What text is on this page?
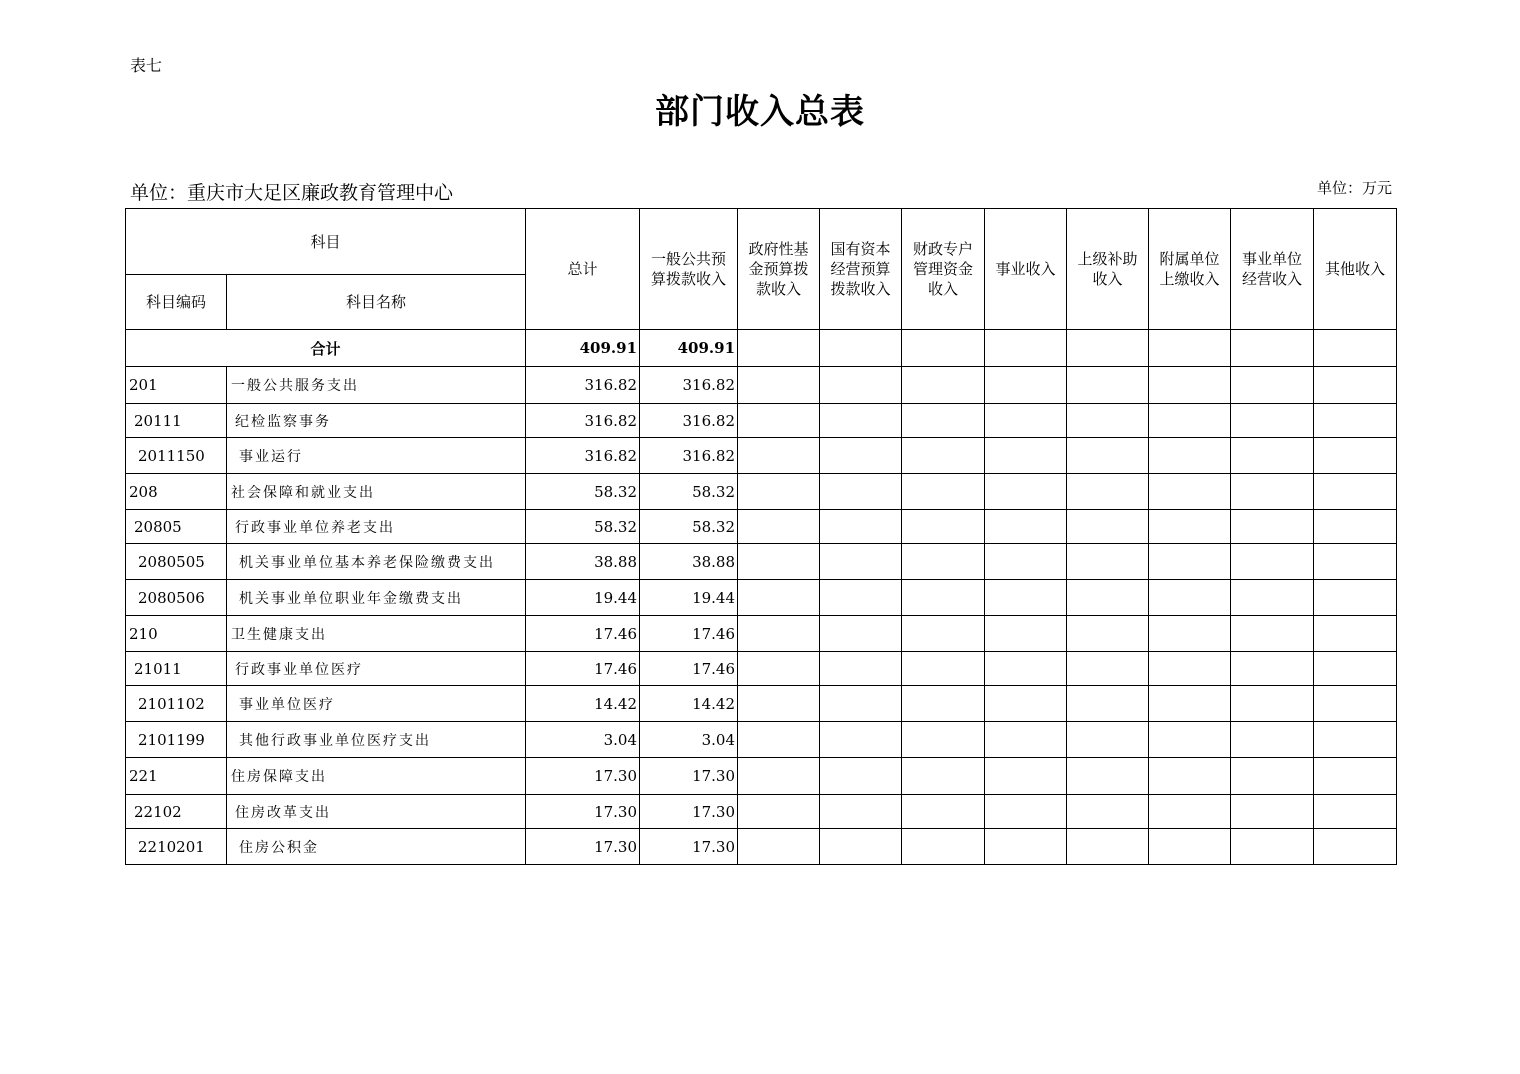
表七
部门收入总表
单位：重庆市大足区廉政教育管理中心	单位：万元
科目		总计	一般公共预算拨款收入	政府性基金预算拨款收入	国有资本经营预算拨款收入	财政专户管理资金收入	事业收入	上级补助收入	附属单位上缴收入	事业单位经营收入	其他收入
科目编码	科目名称										
合计		409.91	409.91								
201	一般公共服务支出	316.82	316.82								
20111	纪检监察事务	316.82	316.82								
2011150	事业运行	316.82	316.82								
208	社会保障和就业支出	58.32	58.32								
20805	行政事业单位养老支出	58.32	58.32								
2080505	机关事业单位基本养老保险缴费支出	38.88	38.88								
2080506	机关事业单位职业年金缴费支出	19.44	19.44								
210	卫生健康支出	17.46	17.46								
21011	行政事业单位医疗	17.46	17.46								
2101102	事业单位医疗	14.42	14.42								
2101199	其他行政事业单位医疗支出	3.04	3.04								
221	住房保障支出	17.30	17.30								
22102	住房改革支出	17.30	17.30								
2210201	住房公积金	17.30	17.30								
